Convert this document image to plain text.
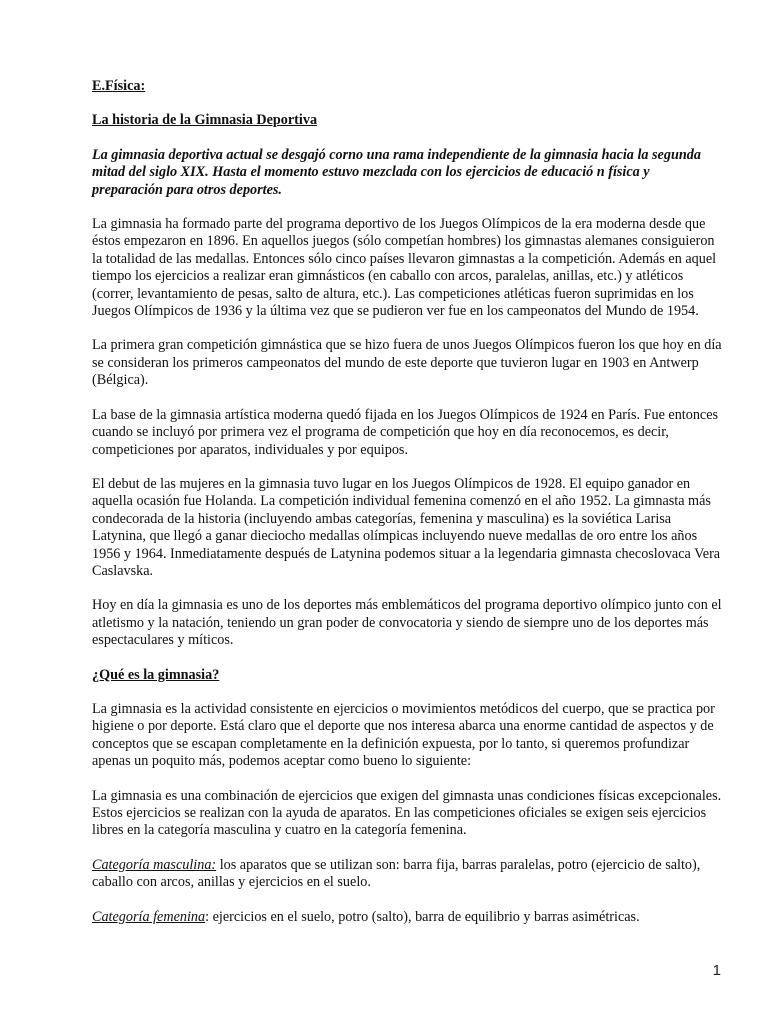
E.Física:

La historia de la Gimnasia Deportiva

La gimnasia deportiva actual se desgajó corno una rama independiente de la gimnasia hacia la segunda mitad del siglo XIX. Hasta el momento estuvo mezclada con los ejercicios de educació n física y preparación para otros deportes.

La gimnasia ha formado parte del programa deportivo de los Juegos Olímpicos de la era moderna desde que éstos empezaron en 1896. En aquellos juegos (sólo competían hombres) los gimnastas alemanes consiguieron la totalidad de las medallas. Entonces sólo cinco países llevaron gimnastas a la competición. Además en aquel tiempo los ejercicios a realizar eran gimnásticos (en caballo con arcos, paralelas, anillas, etc.) y atléticos (correr, levantamiento de pesas, salto de altura, etc.). Las competiciones atléticas fueron suprimidas en los Juegos Olímpicos de 1936 y la última vez que se pudieron ver fue en los campeonatos del Mundo de 1954.

La primera gran competición gimnástica que se hizo fuera de unos Juegos Olímpicos fueron los que hoy en día se consideran los primeros campeonatos del mundo de este deporte que tuvieron lugar en 1903 en Antwerp (Bélgica).

La base de la gimnasia artística moderna quedó fijada en los Juegos Olímpicos de 1924 en París. Fue entonces cuando se incluyó por primera vez el programa de competición que hoy en día reconocemos, es decir, competiciones por aparatos, individuales y por equipos.

El debut de las mujeres en la gimnasia tuvo lugar en los Juegos Olímpicos de 1928. El equipo ganador en aquella ocasión fue Holanda. La competición individual femenina comenzó en el año 1952. La gimnasta más condecorada de la historia (incluyendo ambas categorías, femenina y masculina) es la soviética Larisa Latynina, que llegó a ganar dieciocho medallas olímpicas incluyendo nueve medallas de oro entre los años 1956 y 1964. Inmediatamente después de Latynina podemos situar a la legendaria gimnasta checoslovaca Vera Caslavska.

Hoy en día la gimnasia es uno de los deportes más emblemáticos del programa deportivo olímpico junto con el atletismo y la natación, teniendo un gran poder de convocatoria y siendo de siempre uno de los deportes más espectaculares y míticos.

¿Qué es la gimnasia?

La gimnasia es la actividad consistente en ejercicios o movimientos metódicos del cuerpo, que se practica por higiene o por deporte. Está claro que el deporte que nos interesa abarca una enorme cantidad de aspectos y de conceptos que se escapan completamente en la definición expuesta, por lo tanto, si queremos profundizar apenas un poquito más, podemos aceptar como bueno lo siguiente:

La gimnasia es una combinación de ejercicios que exigen del gimnasta unas condiciones físicas excepcionales. Estos ejercicios se realizan con la ayuda de aparatos. En las competiciones oficiales se exigen seis ejercicios libres en la categoría masculina y cuatro en la categoría femenina.

Categoría masculina: los aparatos que se utilizan son: barra fija, barras paralelas, potro (ejercicio de salto), caballo con arcos, anillas y ejercicios en el suelo.

Categoría femenina: ejercicios en el suelo, potro (salto), barra de equilibrio y barras asimétricas.

1
